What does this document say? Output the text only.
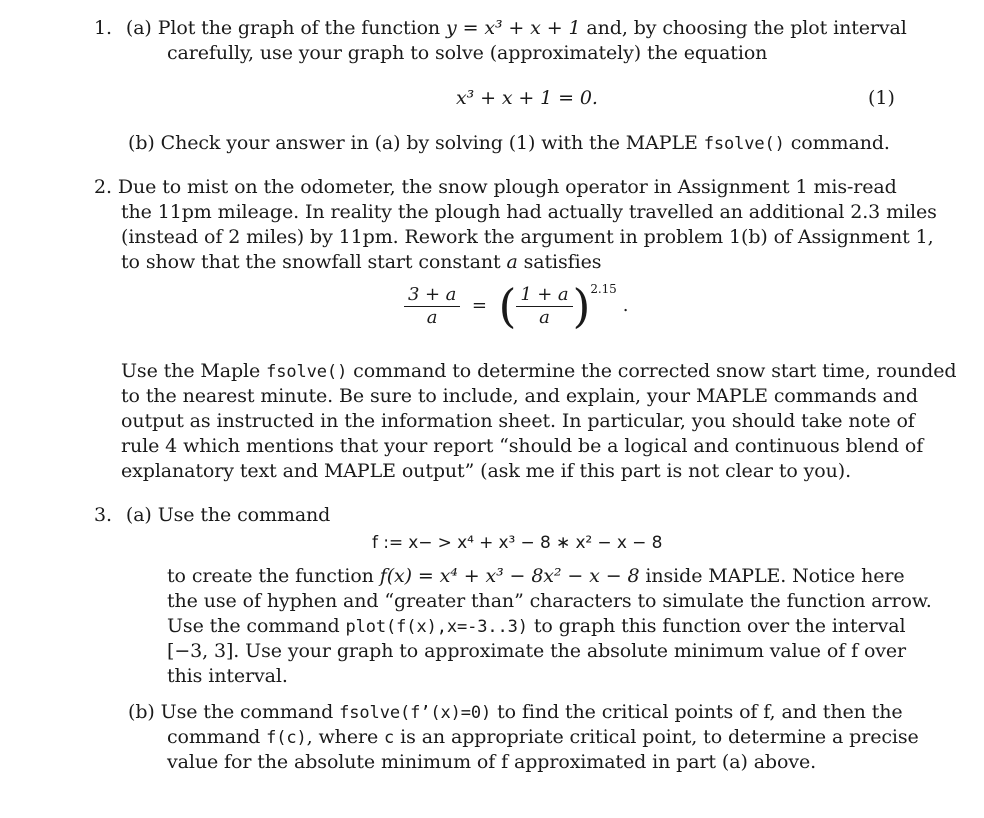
1. (a) Plot the graph of the function y = x³ + x + 1 and, by choosing the plot interval
carefully, use your graph to solve (approximately) the equation
x³ + x + 1 = 0.	(1)
(b) Check your answer in (a) by solving (1) with the MAPLE fsolve() command.
2. Due to mist on the odometer, the snow plough operator in Assignment 1 mis-read
the 11pm mileage. In reality the plough had actually travelled an additional 2.3 miles
(instead of 2 miles) by 11pm. Rework the argument in problem 1(b) of Assignment 1,
to show that the snowfall start constant a satisfies
$\frac{3 + a}{a}$ = ( $\frac{1 + a}{a} )^{2.15}$.
Use the Maple fsolve() command to determine the corrected snow start time, rounded
to the nearest minute. Be sure to include, and explain, your MAPLE commands and
output as instructed in the information sheet. In particular, you should take note of
rule 4 which mentions that your report “should be a logical and continuous blend of
explanatory text and MAPLE output” (ask me if this part is not clear to you).
3. (a) Use the command
f := x− > x⁴ + x³ − 8 ∗ x² − x − 8
to create the function f(x) = x⁴ + x³ − 8x² − x − 8 inside MAPLE. Notice here
the use of hyphen and “greater than” characters to simulate the function arrow.
Use the command plot(f(x),x=-3..3) to graph this function over the interval
[−3, 3]. Use your graph to approximate the absolute minimum value of f over
this interval.
(b) Use the command fsolve(f’(x)=0) to find the critical points of f, and then the
command f(c), where c is an appropriate critical point, to determine a precise
value for the absolute minimum of f approximated in part (a) above.
